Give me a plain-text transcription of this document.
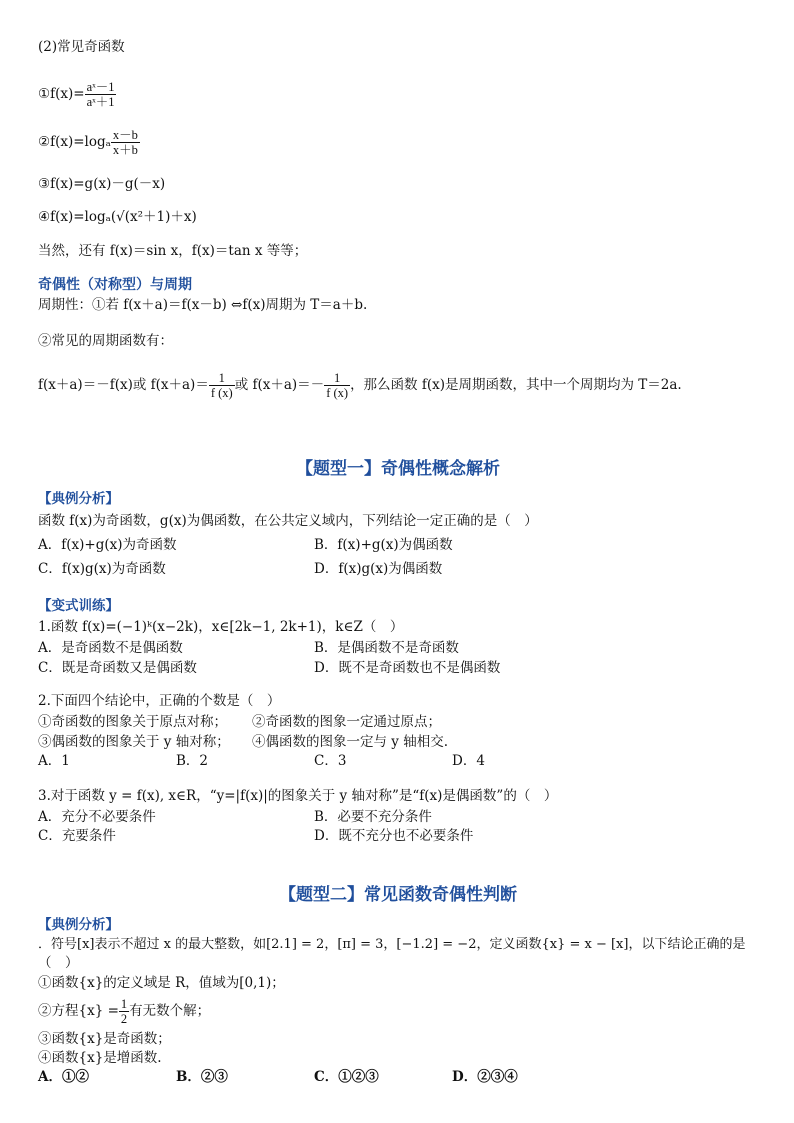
(2)常见奇函数
①f(x)= $\frac{\text{aˣ－1}}{\text{aˣ＋1}}$
②f(x)=logₐ $\frac{x-b}{x+b}$
③f(x)=g(x)－g(－x)
④f(x)=logₐ(√(x²＋1)＋x)
当然，还有 f(x)＝sin x，f(x)＝tan x 等等；
奇偶性（对称型）与周期
周期性：①若 f(x＋a)＝f(x－b) ⇔f(x)周期为 T＝a＋b.
②常见的周期函数有：
f(x＋a)＝－f(x)或 $f(x+a)= \frac{1}{f (x)}$ 或 $f(x+a)=- \frac{1}{f (x)}$ ，那么函数 f(x)是周期函数，其中一个周期均为 T＝2a.
【题型一】奇偶性概念解析
【典例分析】
函数 f(x)为奇函数，g(x)为偶函数，在公共定义域内，下列结论一定正确的是（　）
A．f(x)+g(x)为奇函数	B．f(x)+g(x)为偶函数
C．f(x)g(x)为奇函数	D．f(x)g(x)为偶函数
【变式训练】
1.函数 f(x)=(−1)ᵏ(x−2k)，x∈[2k−1, 2k+1)，k∈Z（　）
A．是奇函数不是偶函数	B．是偶函数不是奇函数
C．既是奇函数又是偶函数	D．既不是奇函数也不是偶函数
2.下面四个结论中，正确的个数是（　）
①奇函数的图象关于原点对称； ②奇函数的图象一定通过原点；
③偶函数的图象关于 y 轴对称； ④偶函数的图象一定与 y 轴相交.
A．1	B．2	C．3	D．4
3.对于函数 y = f(x), x∈R，“y=|f(x)|的图象关于 y 轴对称”是“f(x)是偶函数”的（　）
A．充分不必要条件	B．必要不充分条件
C．充要条件	D．既不充分也不必要条件
【题型二】常见函数奇偶性判断
【典例分析】
．符号[x]表示不超过 x 的最大整数，如[2.1] = 2，[π] = 3，[−1.2] = −2，定义函数{x} = x − [x]，以下结论正确的是
（　）
①函数{x}的定义域是 R，值域为[0,1)；
②方程$\{x\} = \frac{1}{2}$ 有无数个解；
③函数{x}是奇函数；
④函数{x}是增函数.
A．①②	B．②③	C．①②③	D．②③④
